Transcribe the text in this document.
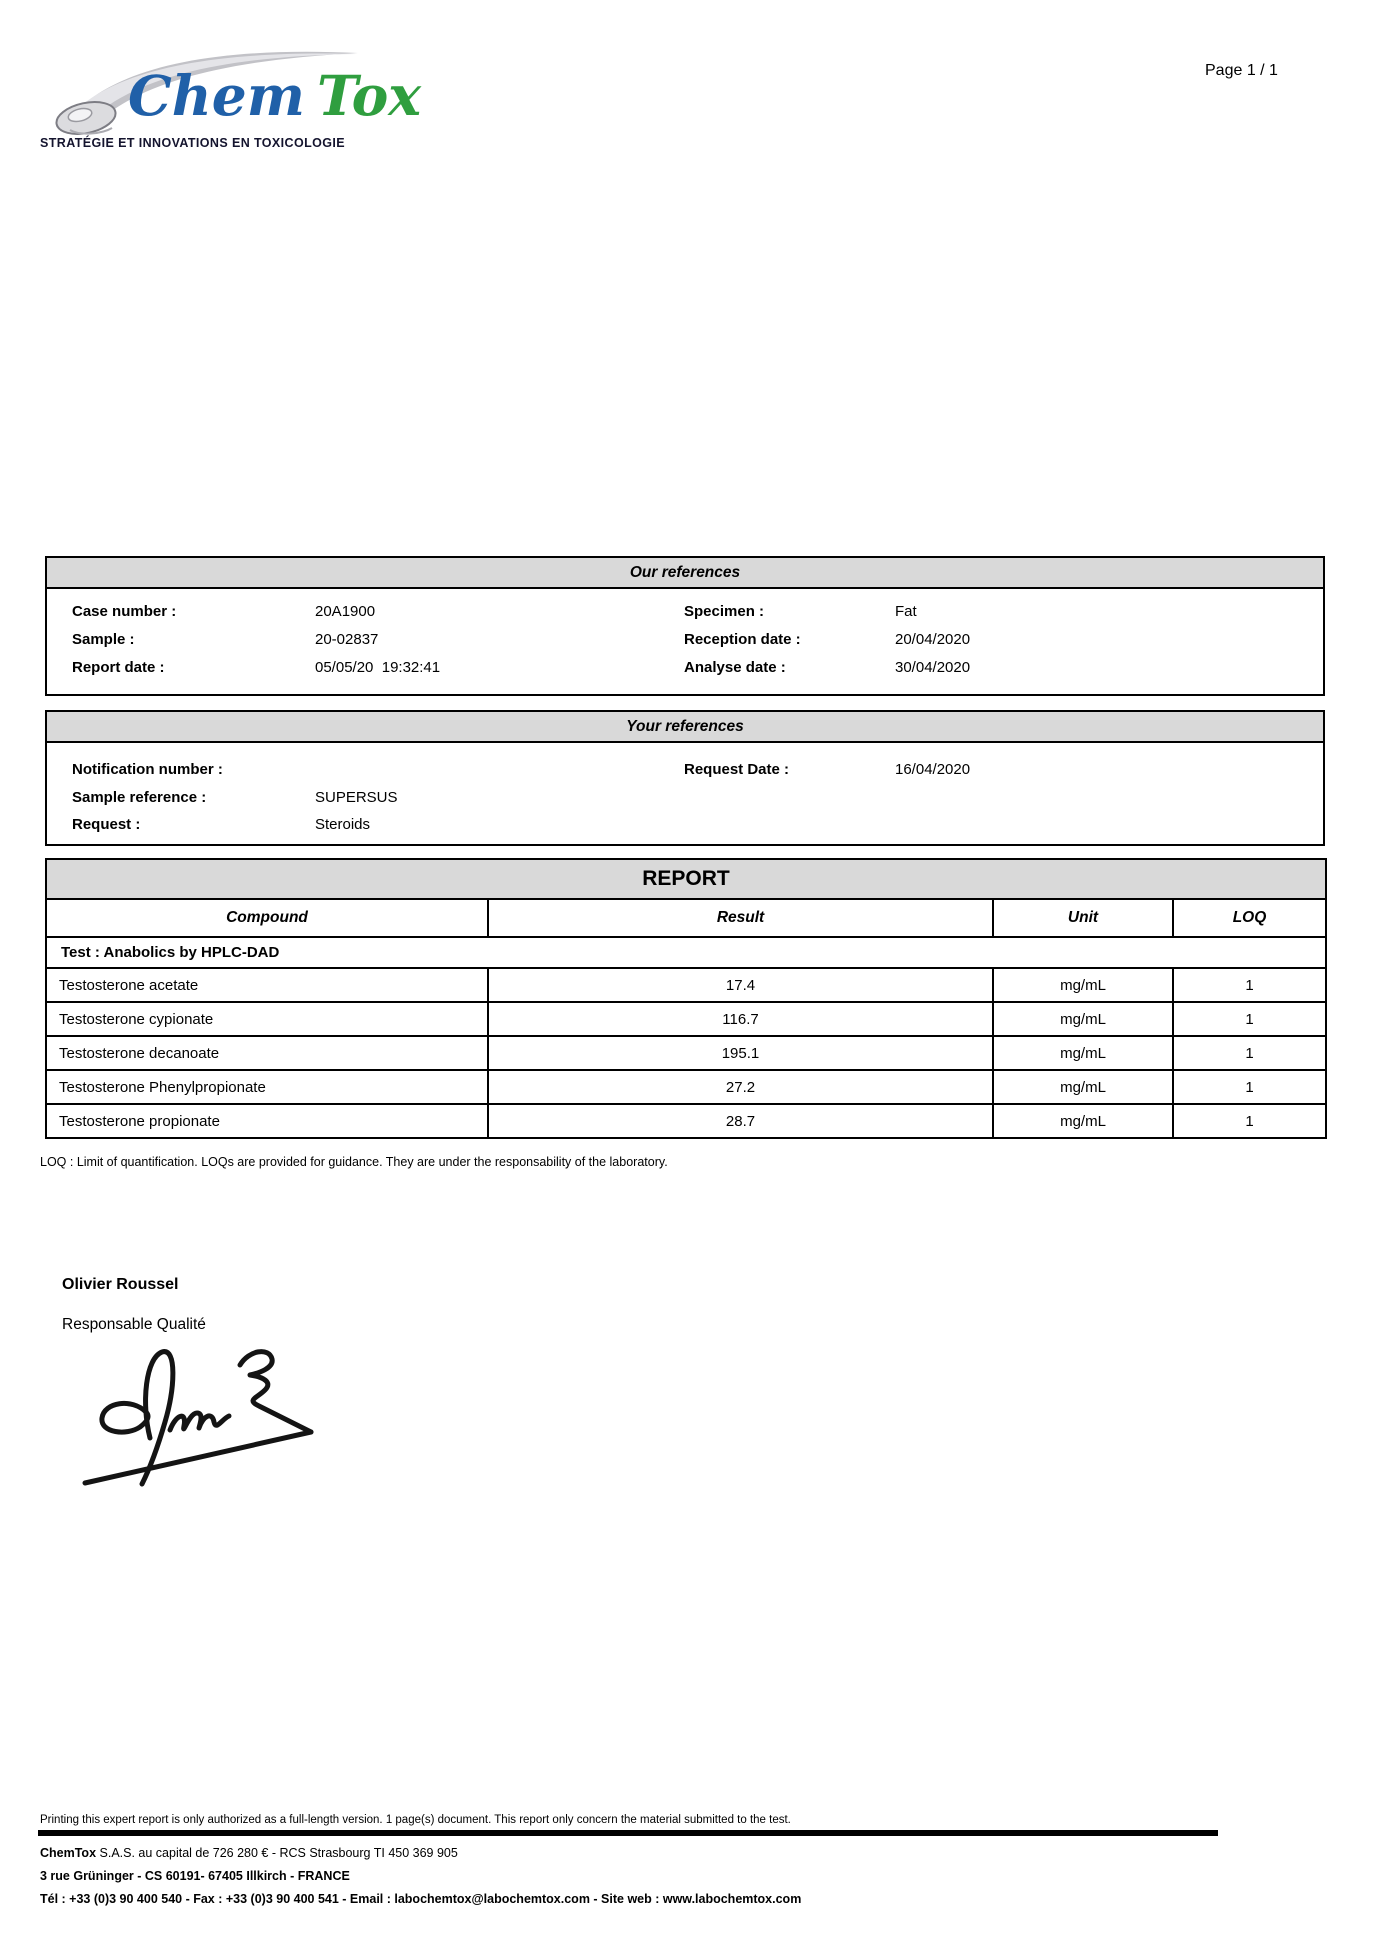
Chem Tox
STRATÉGIE ET INNOVATIONS EN TOXICOLOGIE
Page 1 / 1
Our references
Case number :	20A1900
Sample :	20-02837
Report date :	05/05/20  19:32:41
Specimen :	Fat
Reception date :	20/04/2020
Analyse date :	30/04/2020
Your references
Notification number :
Sample reference :	SUPERSUS
Request :	Steroids
Request Date :	16/04/2020
REPORT			
Compound	Result	Unit	LOQ
Test : Anabolics by HPLC-DAD			
Testosterone acetate	17.4	mg/mL	1
Testosterone cypionate	116.7	mg/mL	1
Testosterone decanoate	195.1	mg/mL	1
Testosterone Phenylpropionate	27.2	mg/mL	1
Testosterone propionate	28.7	mg/mL	1
LOQ : Limit of quantification. LOQs are provided for guidance. They are under the responsability of the laboratory.
Olivier Roussel
Responsable Qualité
Printing this expert report is only authorized as a full-length version. 1 page(s) document. This report only concern the material submitted to the test.
ChemTox S.A.S. au capital de 726 280 € - RCS Strasbourg TI 450 369 905
3 rue Grüninger - CS 60191- 67405 Illkirch - FRANCE
Tél : +33 (0)3 90 400 540 - Fax : +33 (0)3 90 400 541 - Email : labochemtox@labochemtox.com - Site web : www.labochemtox.com
